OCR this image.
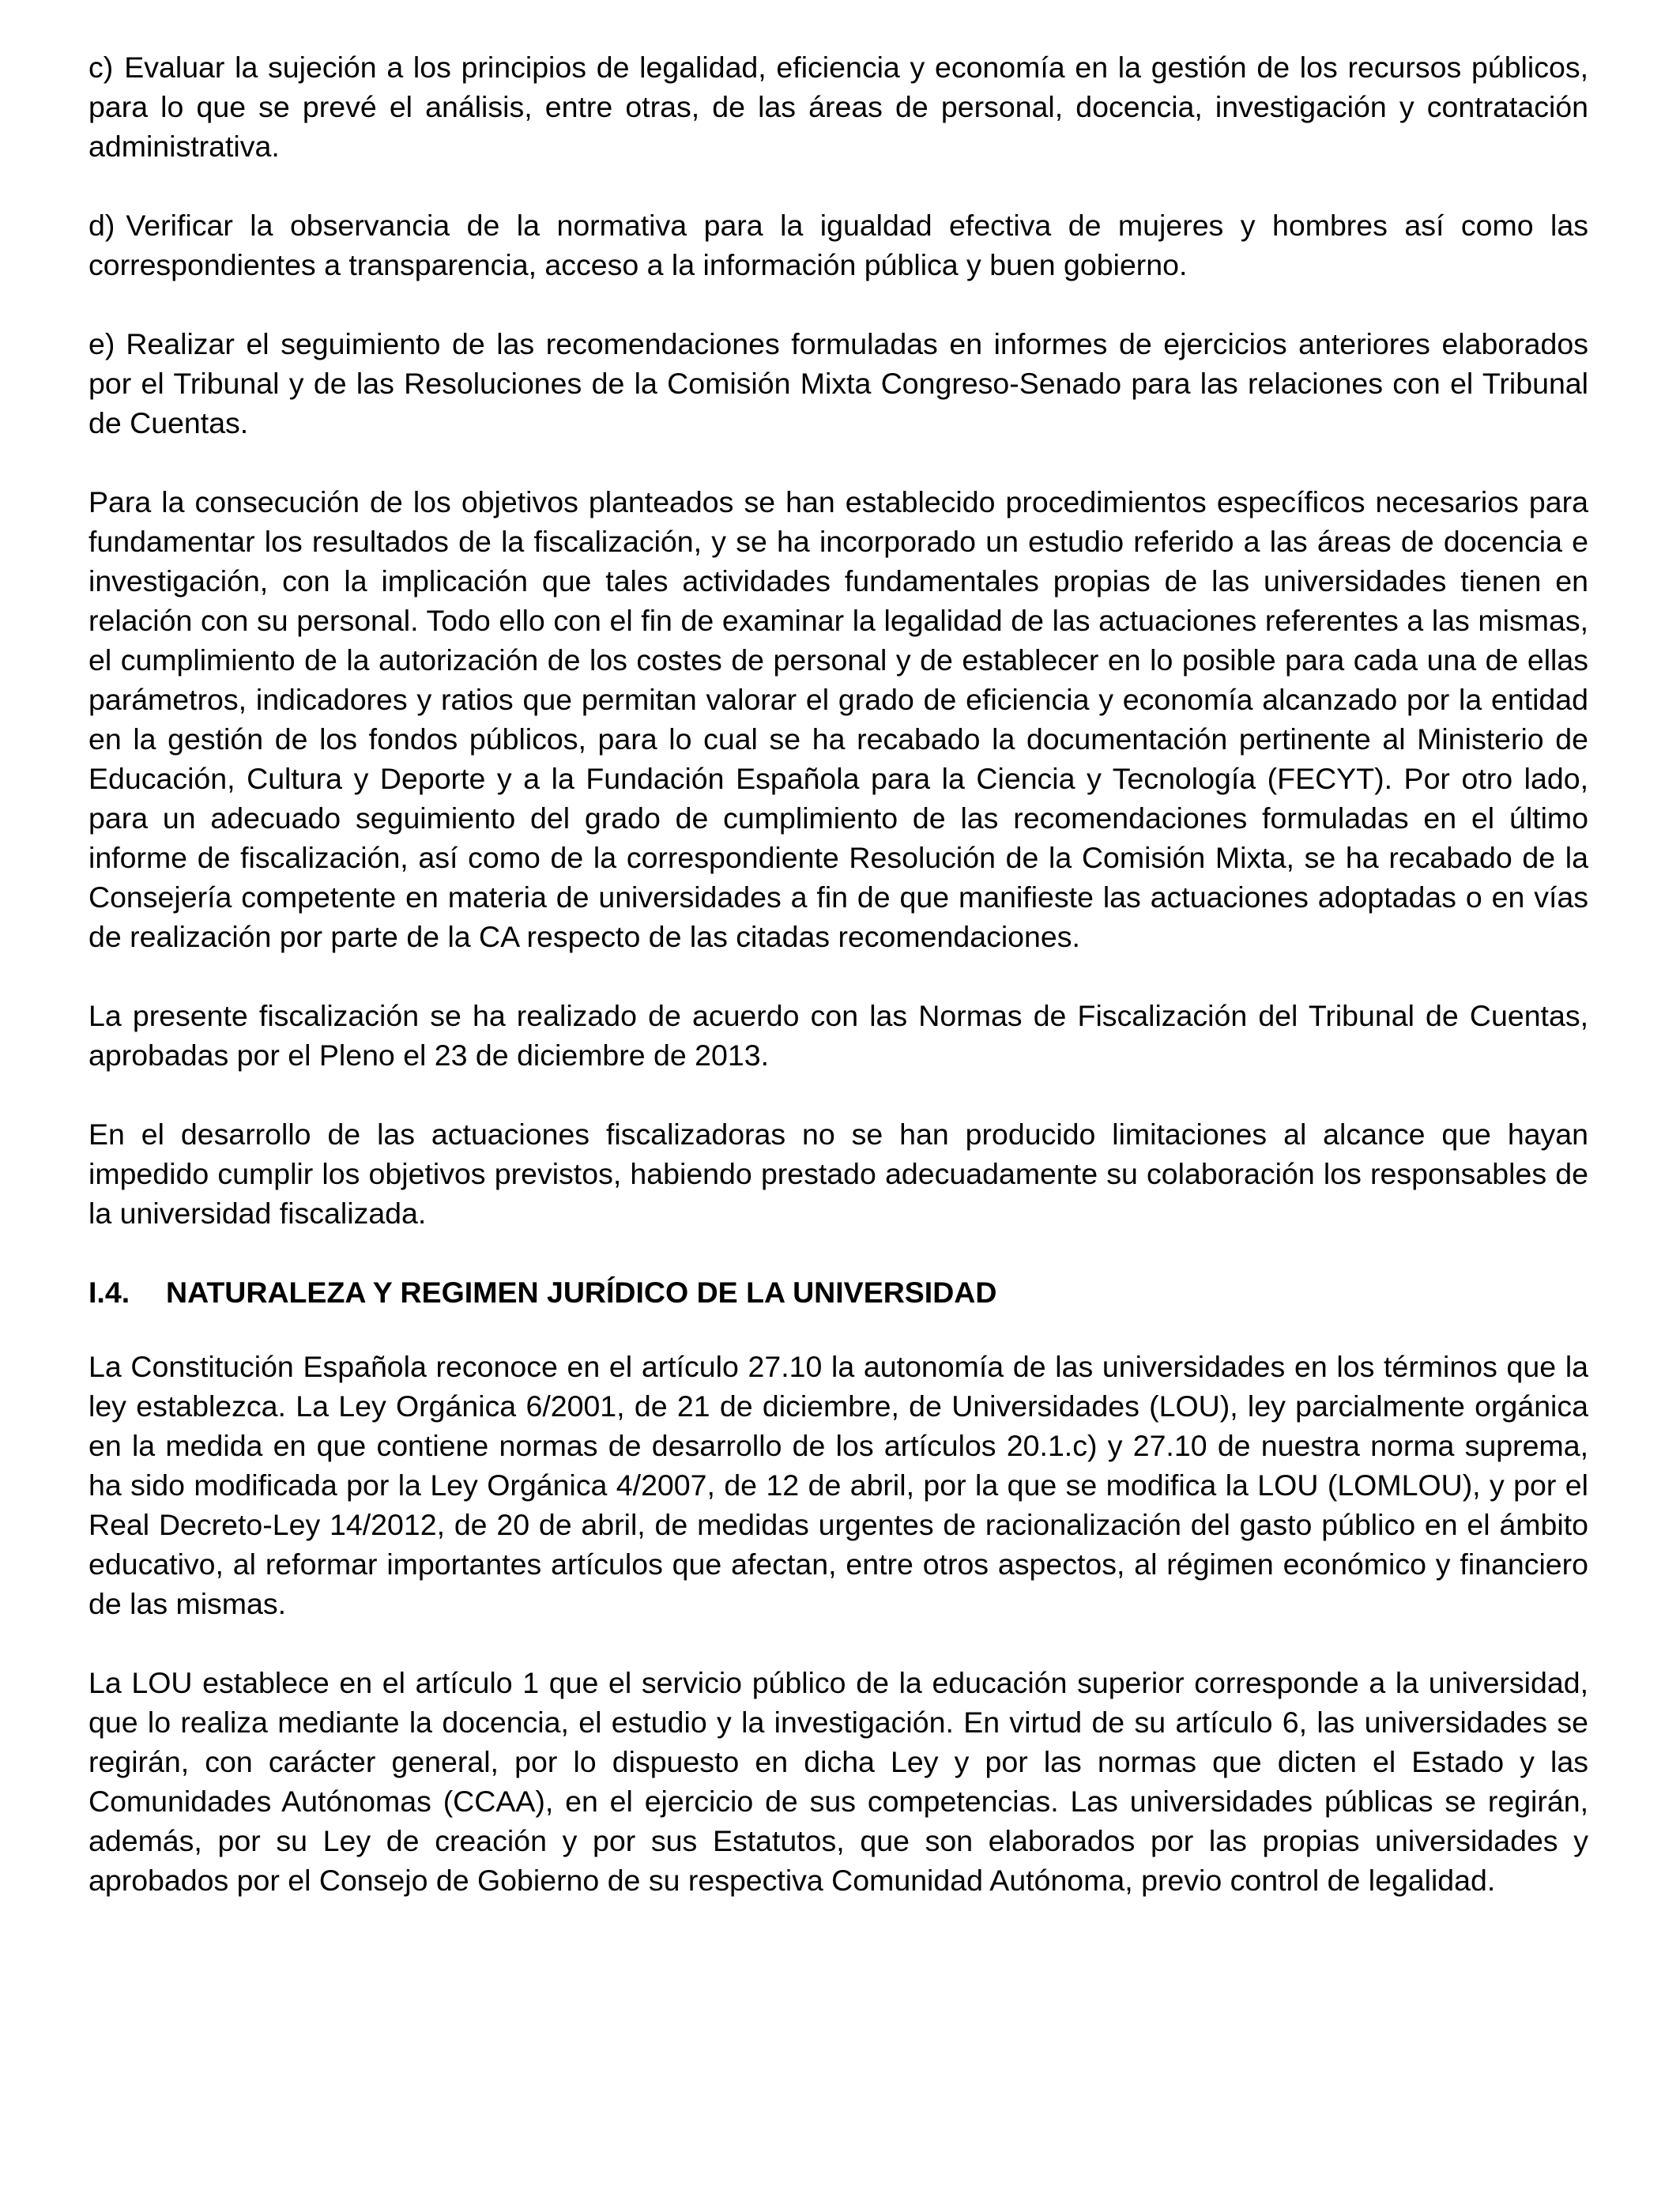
c) Evaluar la sujeción a los principios de legalidad, eficiencia y economía en la gestión de los recursos públicos, para lo que se prevé el análisis, entre otras, de las áreas de personal, docencia, investigación y contratación administrativa.

d) Verificar la observancia de la normativa para la igualdad efectiva de mujeres y hombres así como las correspondientes a transparencia, acceso a la información pública y buen gobierno.

e) Realizar el seguimiento de las recomendaciones formuladas en informes de ejercicios anteriores elaborados por el Tribunal y de las Resoluciones de la Comisión Mixta Congreso-Senado para las relaciones con el Tribunal de Cuentas.

Para la consecución de los objetivos planteados se han establecido procedimientos específicos necesarios para fundamentar los resultados de la fiscalización, y se ha incorporado un estudio referido a las áreas de docencia e investigación, con la implicación que tales actividades fundamentales propias de las universidades tienen en relación con su personal. Todo ello con el fin de examinar la legalidad de las actuaciones referentes a las mismas, el cumplimiento de la autorización de los costes de personal y de establecer en lo posible para cada una de ellas parámetros, indicadores y ratios que permitan valorar el grado de eficiencia y economía alcanzado por la entidad en la gestión de los fondos públicos, para lo cual se ha recabado la documentación pertinente al Ministerio de Educación, Cultura y Deporte y a la Fundación Española para la Ciencia y Tecnología (FECYT). Por otro lado, para un adecuado seguimiento del grado de cumplimiento de las recomendaciones formuladas en el último informe de fiscalización, así como de la correspondiente Resolución de la Comisión Mixta, se ha recabado de la Consejería competente en materia de universidades a fin de que manifieste las actuaciones adoptadas o en vías de realización por parte de la CA respecto de las citadas recomendaciones.

La presente fiscalización se ha realizado de acuerdo con las Normas de Fiscalización del Tribunal de Cuentas, aprobadas por el Pleno el 23 de diciembre de 2013.

En el desarrollo de las actuaciones fiscalizadoras no se han producido limitaciones al alcance que hayan impedido cumplir los objetivos previstos, habiendo prestado adecuadamente su colaboración los responsables de la universidad fiscalizada.

I.4. NATURALEZA Y REGIMEN JURÍDICO DE LA UNIVERSIDAD

La Constitución Española reconoce en el artículo 27.10 la autonomía de las universidades en los términos que la ley establezca. La Ley Orgánica 6/2001, de 21 de diciembre, de Universidades (LOU), ley parcialmente orgánica en la medida en que contiene normas de desarrollo de los artículos 20.1.c) y 27.10 de nuestra norma suprema, ha sido modificada por la Ley Orgánica 4/2007, de 12 de abril, por la que se modifica la LOU (LOMLOU), y por el Real Decreto-Ley 14/2012, de 20 de abril, de medidas urgentes de racionalización del gasto público en el ámbito educativo, al reformar importantes artículos que afectan, entre otros aspectos, al régimen económico y financiero de las mismas.

La LOU establece en el artículo 1 que el servicio público de la educación superior corresponde a la universidad, que lo realiza mediante la docencia, el estudio y la investigación. En virtud de su artículo 6, las universidades se regirán, con carácter general, por lo dispuesto en dicha Ley y por las normas que dicten el Estado y las Comunidades Autónomas (CCAA), en el ejercicio de sus competencias. Las universidades públicas se regirán, además, por su Ley de creación y por sus Estatutos, que son elaborados por las propias universidades y aprobados por el Consejo de Gobierno de su respectiva Comunidad Autónoma, previo control de legalidad.
